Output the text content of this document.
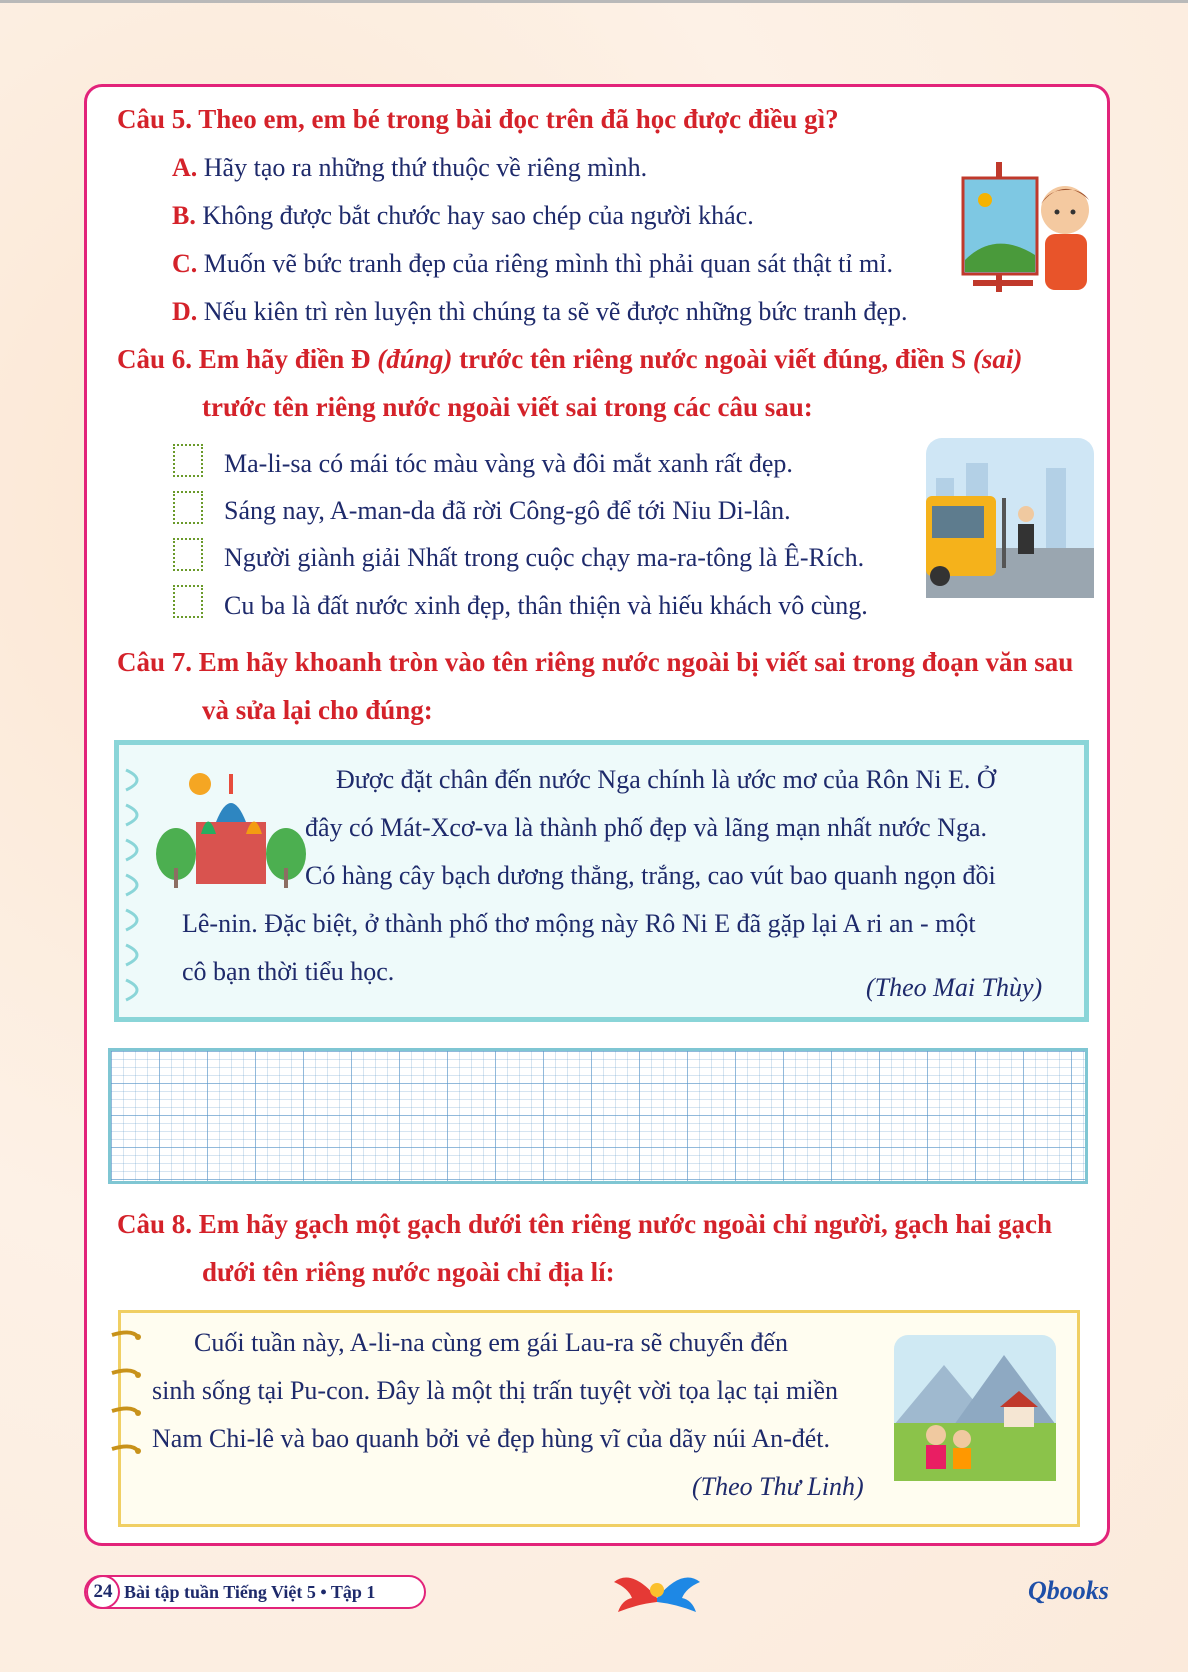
Câu 5. Theo em, em bé trong bài đọc trên đã học được điều gì?
A. Hãy tạo ra những thứ thuộc về riêng mình.
B. Không được bắt chước hay sao chép của người khác.
C. Muốn vẽ bức tranh đẹp của riêng mình thì phải quan sát thật tỉ mỉ.
D. Nếu kiên trì rèn luyện thì chúng ta sẽ vẽ được những bức tranh đẹp.
Câu 6. Em hãy điền Đ (đúng) trước tên riêng nước ngoài viết đúng, điền S (sai)
trước tên riêng nước ngoài viết sai trong các câu sau:
Ma-li-sa có mái tóc màu vàng và đôi mắt xanh rất đẹp.
Sáng nay, A-man-da đã rời Công-gô để tới Niu Di-lân.
Người giành giải Nhất trong cuộc chạy ma-ra-tông là Ê-Rích.
Cu ba là đất nước xinh đẹp, thân thiện và hiếu khách vô cùng.
Câu 7. Em hãy khoanh tròn vào tên riêng nước ngoài bị viết sai trong đoạn văn sau
và sửa lại cho đúng:
Được đặt chân đến nước Nga chính là ước mơ của Rôn Ni E. Ở
đây có Mát-Xcơ-va là thành phố đẹp và lãng mạn nhất nước Nga.
Có hàng cây bạch dương thẳng, trắng, cao vút bao quanh ngọn đồi
Lê-nin. Đặc biệt, ở thành phố thơ mộng này Rô Ni E đã gặp lại A ri an - một
cô bạn thời tiểu học.
(Theo Mai Thùy)
Câu 8. Em hãy gạch một gạch dưới tên riêng nước ngoài chỉ người, gạch hai gạch
dưới tên riêng nước ngoài chỉ địa lí:
Cuối tuần này, A-li-na cùng em gái Lau-ra sẽ chuyển đến
sinh sống tại Pu-con. Đây là một thị trấn tuyệt vời tọa lạc tại miền
Nam Chi-lê và bao quanh bởi vẻ đẹp hùng vĩ của dãy núi An-đét.
(Theo Thư Linh)
24 Bài tập tuần Tiếng Việt 5 • Tập 1	Qbooks
